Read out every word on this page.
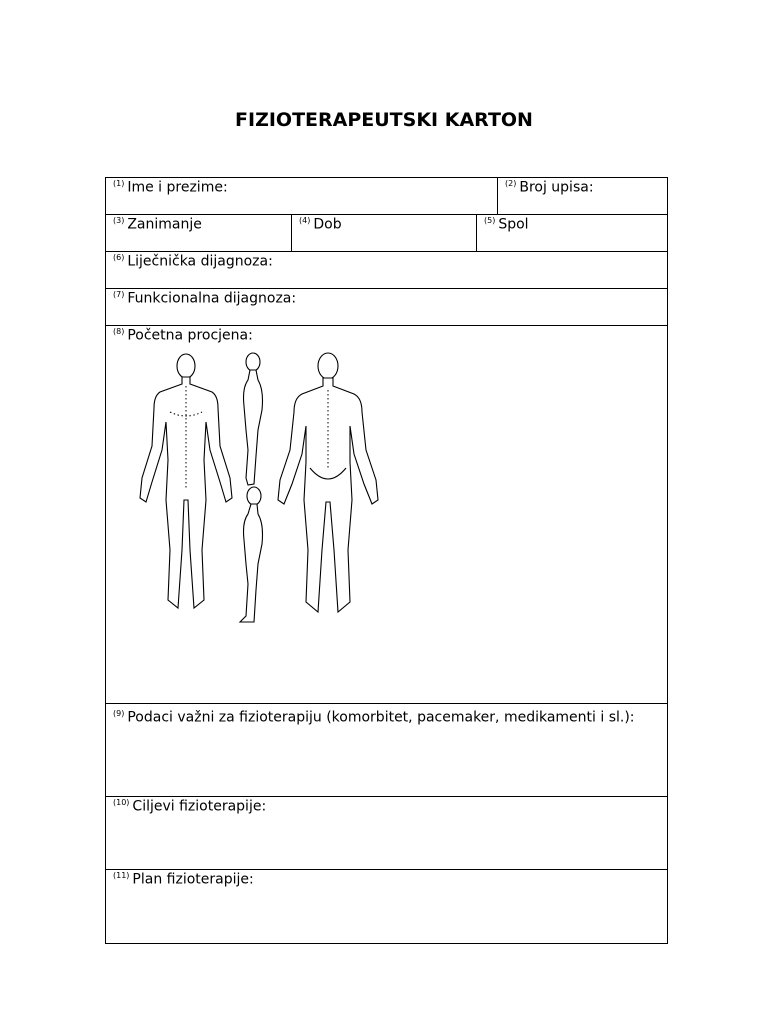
FIZIOTERAPEUTSKI KARTON
$^{(1)}$ Ime i prezime:	$^{(2)}$ Broj upisa:
$^{(3)}$ Zanimanje	$^{(4)}$ Dob	$^{(5)}$ Spol
$^{(6)}$ Liječnička dijagnoza:
$^{(7)}$ Funkcionalna dijagnoza:
$^{(8)}$ Početna procjena:
$^{(9)}$ Podaci važni za fizioterapiju (komorbitet, pacemaker, medikamenti i sl.):
$^{(10)}$ Ciljevi fizioterapije:
$^{(11)}$ Plan fizioterapije:
